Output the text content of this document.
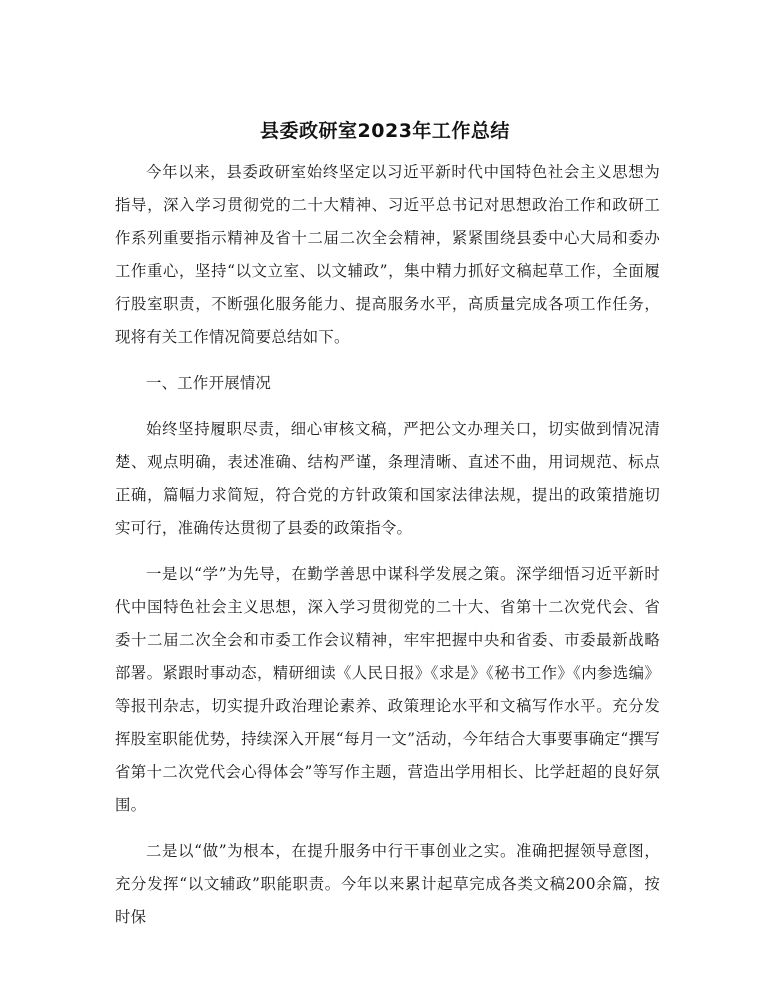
县委政研室2023年工作总结

今年以来，县委政研室始终坚定以习近平新时代中国特色社会主义思想为指导，深入学习贯彻党的二十大精神、习近平总书记对思想政治工作和政研工作系列重要指示精神及省十二届二次全会精神，紧紧围绕县委中心大局和委办工作重心，坚持“以文立室、以文辅政”，集中精力抓好文稿起草工作，全面履行股室职责，不断强化服务能力、提高服务水平，高质量完成各项工作任务，现将有关工作情况简要总结如下。

一、工作开展情况

始终坚持履职尽责，细心审核文稿，严把公文办理关口，切实做到情况清楚、观点明确，表述准确、结构严谨，条理清晰、直述不曲，用词规范、标点正确，篇幅力求简短，符合党的方针政策和国家法律法规，提出的政策措施切实可行，准确传达贯彻了县委的政策指令。

一是以“学”为先导，在勤学善思中谋科学发展之策。深学细悟习近平新时代中国特色社会主义思想，深入学习贯彻党的二十大、省第十二次党代会、省委十二届二次全会和市委工作会议精神，牢牢把握中央和省委、市委最新战略部署。紧跟时事动态，精研细读《人民日报》《求是》《秘书工作》《内参选编》等报刊杂志，切实提升政治理论素养、政策理论水平和文稿写作水平。充分发挥股室职能优势，持续深入开展“每月一文”活动，今年结合大事要事确定“撰写省第十二次党代会心得体会”等写作主题，营造出学用相长、比学赶超的良好氛围。

二是以“做”为根本，在提升服务中行干事创业之实。准确把握领导意图，充分发挥“以文辅政”职能职责。今年以来累计起草完成各类文稿200余篇，按时保
